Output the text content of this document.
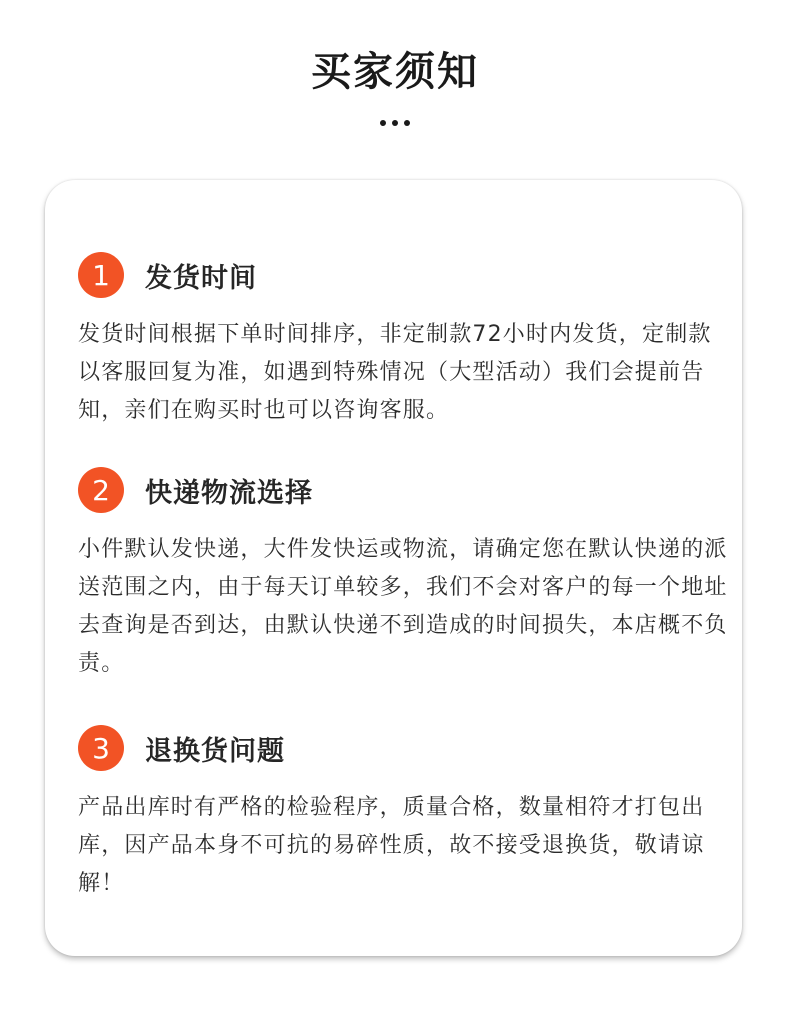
买家须知
1	发货时间
发货时间根据下单时间排序，非定制款72小时内发货，定制款以客服回复为准，如遇到特殊情况（大型活动）我们会提前告知，亲们在购买时也可以咨询客服。
2	快递物流选择
小件默认发快递，大件发快运或物流，请确定您在默认快递的派送范围之内，由于每天订单较多，我们不会对客户的每一个地址去查询是否到达，由默认快递不到造成的时间损失，本店概不负责。
3	退换货问题
产品出库时有严格的检验程序，质量合格，数量相符才打包出库，因产品本身不可抗的易碎性质，故不接受退换货，敬请谅解！
